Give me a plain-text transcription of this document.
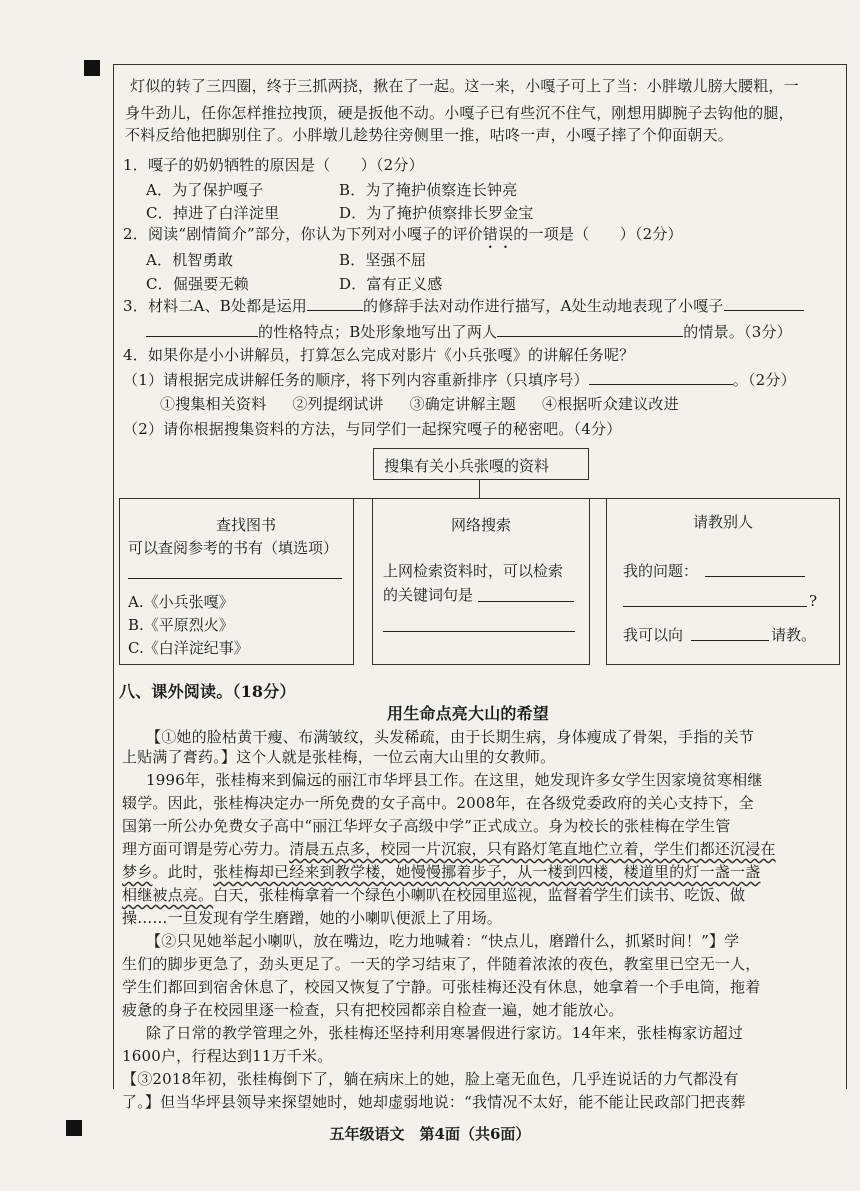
灯似的转了三四圈，终于三抓两挠，揪在了一起。这一来，小嘎子可上了当：小胖墩儿膀大腰粗，一
身牛劲儿，任你怎样推拉拽顶，硬是扳他不动。小嘎子已有些沉不住气，刚想用脚腕子去钩他的腿，
不料反给他把脚别住了。小胖墩儿趁势往旁侧里一推，咕咚一声，小嘎子摔了个仰面朝天。
1．嘎子的奶奶牺牲的原因是（　　）（2分）
A．为了保护嘎子	B．为了掩护侦察连长钟亮
C．掉进了白洋淀里	D．为了掩护侦察排长罗金宝
2．阅读“剧情简介”部分，你认为下列对小嘎子的评价错误的一项是（　　）（2分）
A．机智勇敢	B．坚强不屈
C．倔强要无赖	D．富有正义感
3．材料二A、B处都是运用	的修辞手法对动作进行描写，A处生动地表现了小嘎子
的性格特点；B处形象地写出了两人	的情景。（3分）
4．如果你是小小讲解员，打算怎么完成对影片《小兵张嘎》的讲解任务呢？
（1）请根据完成讲解任务的顺序，将下列内容重新排序（只填序号）	。（2分）
①搜集相关资料 ②列提纲试讲 ③确定讲解主题 ④根据听众建议改进
（2）请你根据搜集资料的方法，与同学们一起探究嘎子的秘密吧。（4分）
搜集有关小兵张嘎的资料
查找图书
可以查阅参考的书有（填选项）
A.《小兵张嘎》
B.《平原烈火》
C.《白洋淀纪事》
网络搜索
上网检索资料时，可以检索
的关键词句是
请教别人
我的问题：
?
我可以向	请教。
八、课外阅读。（18分）
用生命点亮大山的希望
【①她的脸枯黄干瘦、布满皱纹，头发稀疏，由于长期生病，身体瘦成了骨架，手指的关节
上贴满了膏药。】这个人就是张桂梅，一位云南大山里的女教师。
1996年，张桂梅来到偏远的丽江市华坪县工作。在这里，她发现许多女学生因家境贫寒相继
辍学。因此，张桂梅决定办一所免费的女子高中。2008年，在各级党委政府的关心支持下，全
国第一所公办免费女子高中“丽江华坪女子高级中学”正式成立。身为校长的张桂梅在学生管
理方面可谓是劳心劳力。清晨五点多，校园一片沉寂，只有路灯笔直地伫立着，学生们都还沉浸在
梦乡。此时，张桂梅却已经来到教学楼，她慢慢挪着步子，从一楼到四楼，楼道里的灯一盏一盏
相继被点亮。白天，张桂梅拿着一个绿色小喇叭在校园里巡视，监督着学生们读书、吃饭、做
操……一旦发现有学生磨蹭，她的小喇叭便派上了用场。
【②只见她举起小喇叭，放在嘴边，吃力地喊着：“快点儿，磨蹭什么，抓紧时间！”】学
生们的脚步更急了，劲头更足了。一天的学习结束了，伴随着浓浓的夜色，教室里已空无一人，
学生们都回到宿舍休息了，校园又恢复了宁静。可张桂梅还没有休息，她拿着一个手电筒，拖着
疲惫的身子在校园里逐一检查，只有把校园都亲自检查一遍，她才能放心。
除了日常的教学管理之外，张桂梅还坚持利用寒暑假进行家访。14年来，张桂梅家访超过
1600户，行程达到11万千米。
【③2018年初，张桂梅倒下了，躺在病床上的她，脸上毫无血色，几乎连说话的力气都没有
了。】但当华坪县领导来探望她时，她却虚弱地说：“我情况不太好，能不能让民政部门把丧葬
五年级语文　第4面（共6面）
